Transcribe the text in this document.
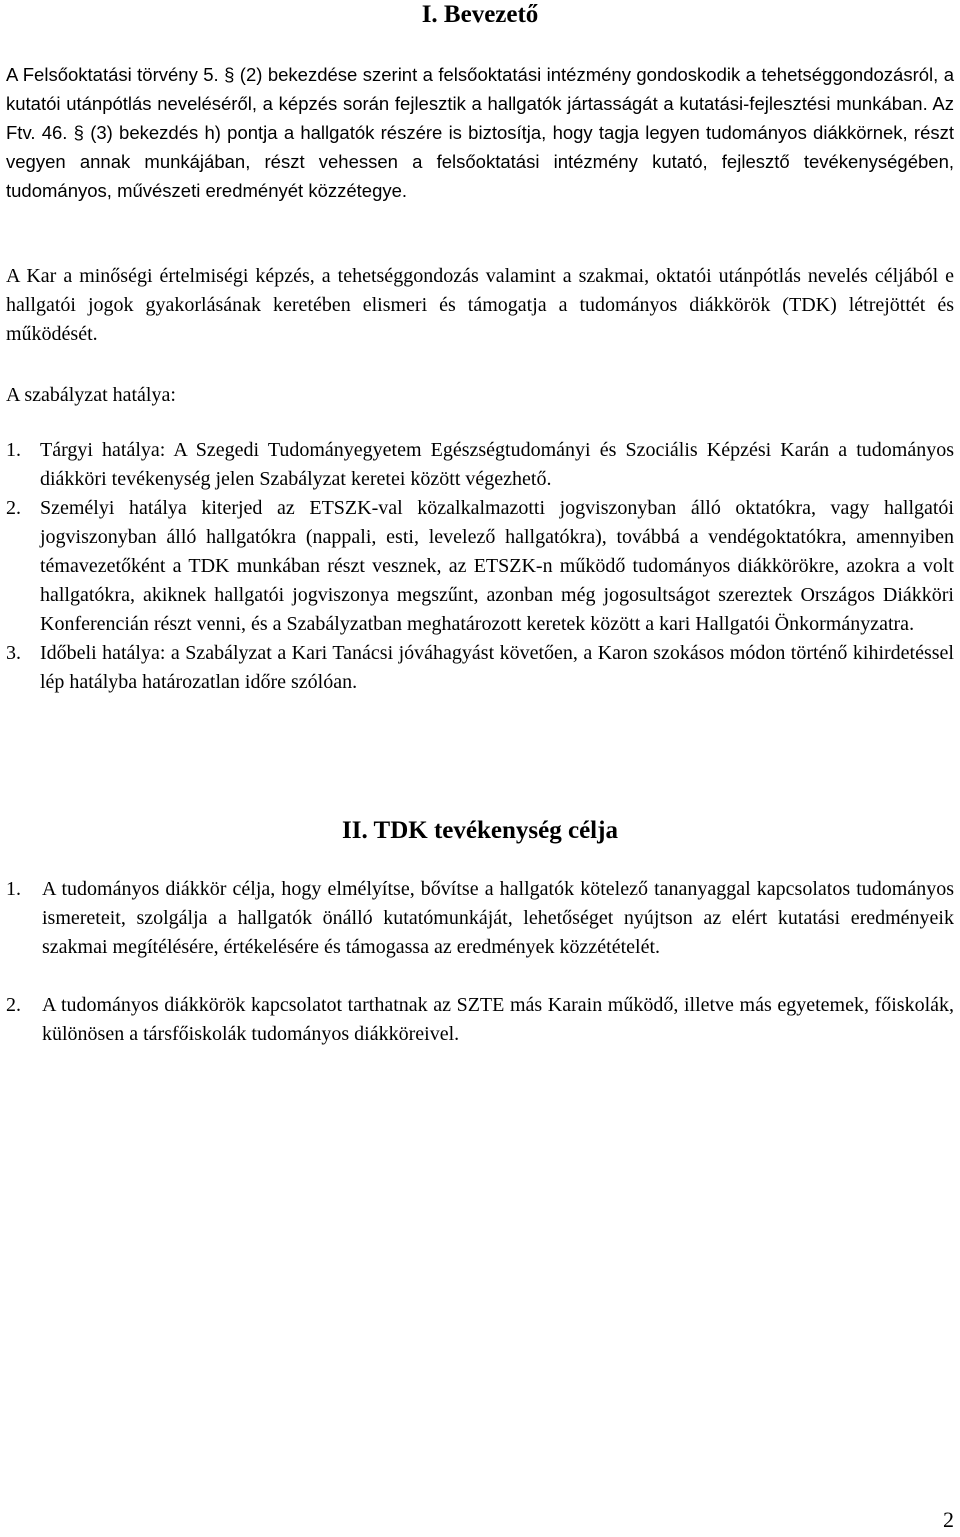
I. Bevezető
A Felsőoktatási törvény 5. § (2) bekezdése szerint a felsőoktatási intézmény gondoskodik a tehetséggondozásról, a kutatói utánpótlás neveléséről, a képzés során fejlesztik a hallgatók jártasságát a kutatási-fejlesztési munkában. Az Ftv. 46. § (3) bekezdés h) pontja a hallgatók részére is biztosítja, hogy tagja legyen tudományos diákkörnek, részt vegyen annak munkájában, részt vehessen a felsőoktatási intézmény kutató, fejlesztő tevékenységében, tudományos, művészeti eredményét közzétegye.
A Kar a minőségi értelmiségi képzés, a tehetséggondozás valamint a szakmai, oktatói utánpótlás nevelés céljából e hallgatói jogok gyakorlásának keretében elismeri és támogatja a tudományos diákkörök (TDK) létrejöttét és működését.
A szabályzat hatálya:
1. Tárgyi hatálya: A Szegedi Tudományegyetem Egészségtudományi és Szociális Képzési Karán a tudományos diákköri tevékenység jelen Szabályzat keretei között végezhető.
2. Személyi hatálya kiterjed az ETSZK-val közalkalmazotti jogviszonyban álló oktatókra, vagy hallgatói jogviszonyban álló hallgatókra (nappali, esti, levelező hallgatókra), továbbá a vendégoktatókra, amennyiben témavezetőként a TDK munkában részt vesznek, az ETSZK-n működő tudományos diákkörökre, azokra a volt hallgatókra, akiknek hallgatói jogviszonya megszűnt, azonban még jogosultságot szereztek Országos Diákköri Konferencián részt venni, és a Szabályzatban meghatározott keretek között a kari Hallgatói Önkormányzatra.
3. Időbeli hatálya: a Szabályzat a Kari Tanácsi jóváhagyást követően, a Karon szokásos módon történő kihirdetéssel lép hatályba határozatlan időre szólóan.
II. TDK tevékenység célja
1. A tudományos diákkör célja, hogy elmélyítse, bővítse a hallgatók kötelező tananyaggal kapcsolatos tudományos ismereteit, szolgálja a hallgatók önálló kutatómunkáját, lehetőséget nyújtson az elért kutatási eredményeik szakmai megítélésére, értékelésére és támogassa az eredmények közzétételét.
2. A tudományos diákkörök kapcsolatot tarthatnak az SZTE más Karain működő, illetve más egyetemek, főiskolák, különösen a társfőiskolák tudományos diákköreivel.
2
